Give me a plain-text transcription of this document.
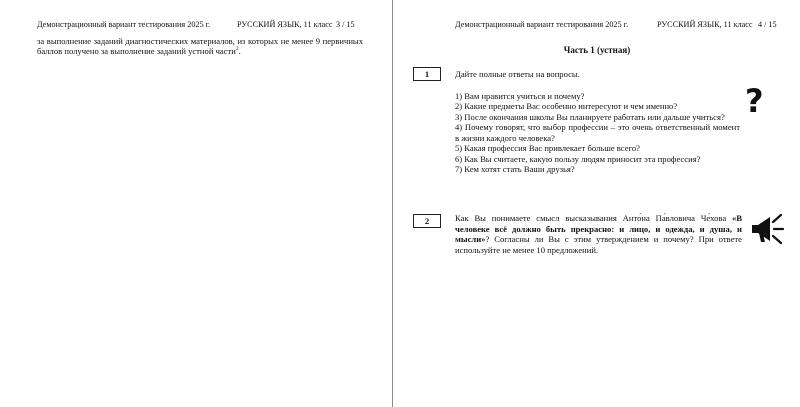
Демонстрационный вариант тестирования 2025 г.	РУССКИЙ ЯЗЫК, 11 класс 3 / 15
за выполнение заданий диагностических материалов, из которых не менее 9 первичных баллов получено за выполнение заданий устной части$^2$.
Демонстрационный вариант тестирования 2025 г.	РУССКИЙ ЯЗЫК, 11 класс 4 / 15
Часть 1 (устная)
1	Дайте полные ответы на вопросы.
1) Вам нравится учиться и почему?
2) Какие предметы Вас особенно интересуют и чем именно?
3) После окончания школы Вы планируете работать или дальше учиться?
4) Почему говорят, что выбор профессии – это очень ответственный момент в жизни каждого человека?
5) Какая профессия Вас привлекает больше всего?
6) Как Вы считаете, какую пользу людям приносит эта профессия?
7) Кем хотят стать Ваши друзья?
?
2	Как Вы понимаете смысл высказывания Анто́на Па́вловича Че́хова «В человеке всё должно быть прекрасно: и лицо, и одежда, и душа, и мысли»? Согласны ли Вы с этим утверждением и почему? При ответе используйте не менее 10 предложений.
